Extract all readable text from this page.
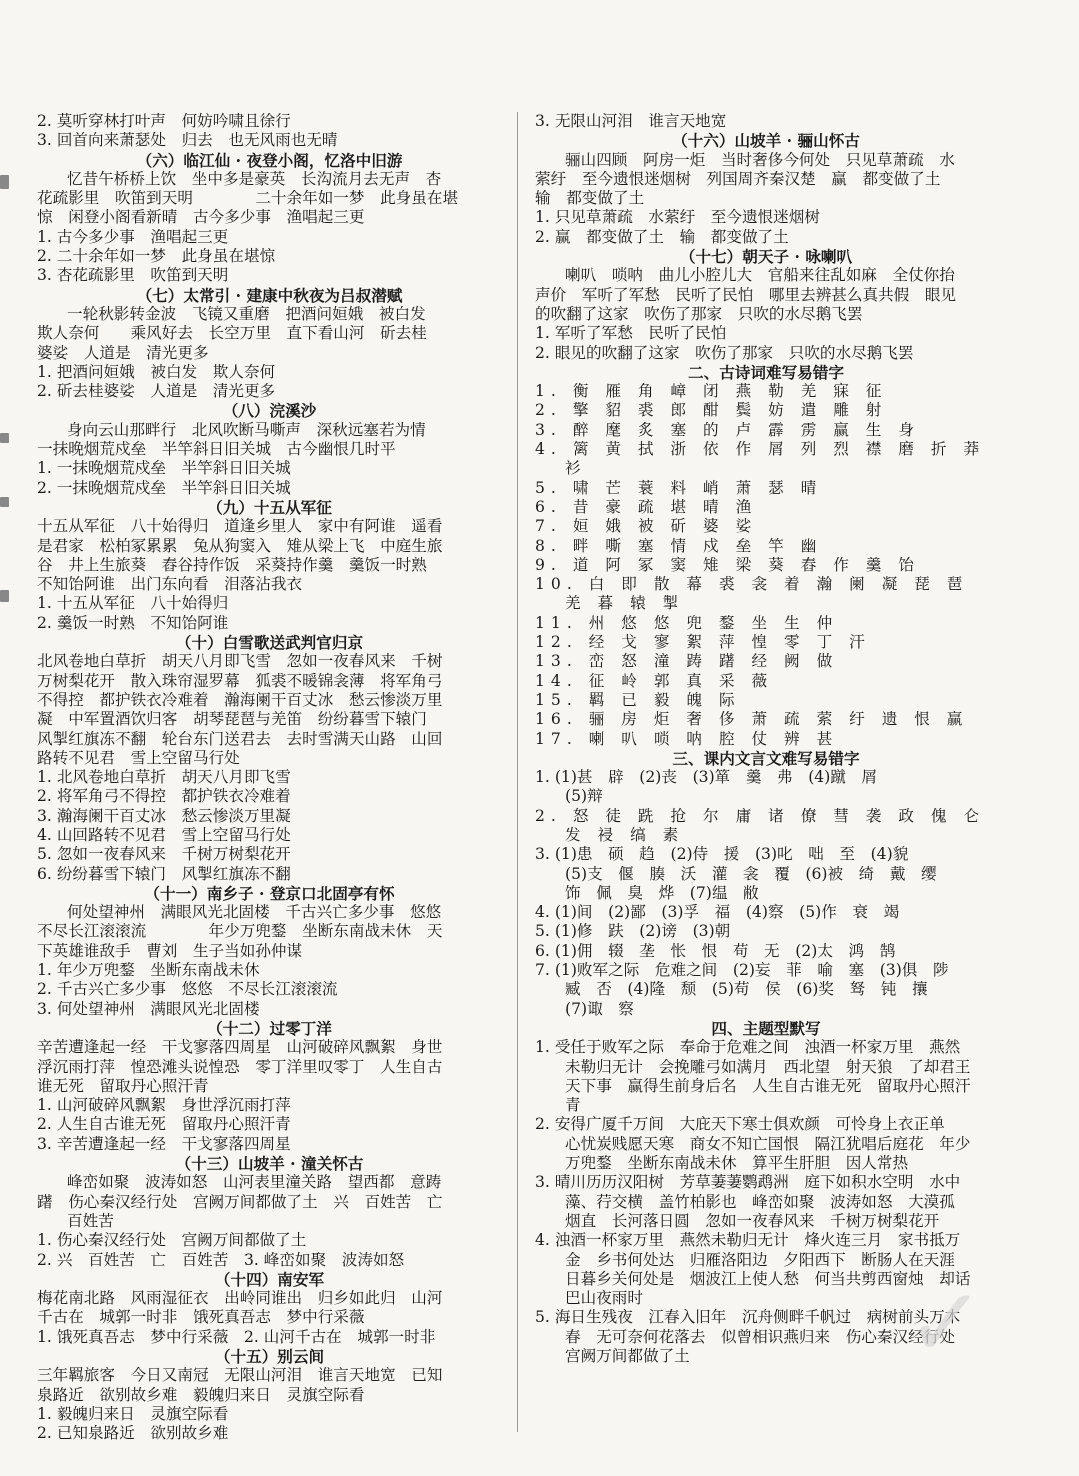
2. 莫听穿林打叶声　何妨吟啸且徐行
3. 回首向来萧瑟处　归去　也无风雨也无晴
（六）临江仙 · 夜登小阁，忆洛中旧游
忆昔午桥桥上饮　坐中多是豪英　长沟流月去无声　杏
花疏影里　吹笛到天明　　　　二十余年如一梦　此身虽在堪
惊　闲登小阁看新晴　古今多少事　渔唱起三更
1. 古今多少事　渔唱起三更
2. 二十余年如一梦　此身虽在堪惊
3. 杏花疏影里　吹笛到天明
（七）太常引 · 建康中秋夜为吕叔潜赋
一轮秋影转金波　飞镜又重磨　把酒问姮娥　被白发
欺人奈何　　乘风好去　长空万里　直下看山河　斫去桂
婆娑　人道是　清光更多
1. 把酒问姮娥　被白发　欺人奈何
2. 斫去桂婆娑　人道是　清光更多
（八）浣溪沙
身向云山那畔行　北风吹断马嘶声　深秋远塞若为情
一抹晚烟荒戍垒　半竿斜日旧关城　古今幽恨几时平
1. 一抹晚烟荒戍垒　半竿斜日旧关城
2. 一抹晚烟荒戍垒　半竿斜日旧关城
（九）十五从军征
十五从军征　八十始得归　道逢乡里人　家中有阿谁　遥看
是君家　松柏冢累累　兔从狗窦入　雉从梁上飞　中庭生旅
谷　井上生旅葵　舂谷持作饭　采葵持作羹　羹饭一时熟
不知饴阿谁　出门东向看　泪落沾我衣
1. 十五从军征　八十始得归
2. 羹饭一时熟　不知饴阿谁
（十）白雪歌送武判官归京
北风卷地白草折　胡天八月即飞雪　忽如一夜春风来　千树
万树梨花开　散入珠帘湿罗幕　狐裘不暖锦衾薄　将军角弓
不得控　都护铁衣冷难着　瀚海阑干百丈冰　愁云惨淡万里
凝　中军置酒饮归客　胡琴琵琶与羌笛　纷纷暮雪下辕门
风掣红旗冻不翻　轮台东门送君去　去时雪满天山路　山回
路转不见君　雪上空留马行处
1. 北风卷地白草折　胡天八月即飞雪
2. 将军角弓不得控　都护铁衣冷难着
3. 瀚海阑干百丈冰　愁云惨淡万里凝
4. 山回路转不见君　雪上空留马行处
5. 忽如一夜春风来　千树万树梨花开
6. 纷纷暮雪下辕门　风掣红旗冻不翻
（十一）南乡子 · 登京口北固亭有怀
何处望神州　满眼风光北固楼　千古兴亡多少事　悠悠
不尽长江滚滚流　　　　年少万兜鍪　坐断东南战未休　天
下英雄谁敌手　曹刘　生子当如孙仲谋
1. 年少万兜鍪　坐断东南战未休
2. 千古兴亡多少事　悠悠　不尽长江滚滚流
3. 何处望神州　满眼风光北固楼
（十二）过零丁洋
辛苦遭逢起一经　干戈寥落四周星　山河破碎风飘絮　身世
浮沉雨打萍　惶恐滩头说惶恐　零丁洋里叹零丁　人生自古
谁无死　留取丹心照汗青
1. 山河破碎风飘絮　身世浮沉雨打萍
2. 人生自古谁无死　留取丹心照汗青
3. 辛苦遭逢起一经　干戈寥落四周星
（十三）山坡羊 · 潼关怀古
峰峦如聚　波涛如怒　山河表里潼关路　望西都　意踌
躇　伤心秦汉经行处　宫阙万间都做了土　兴　百姓苦　亡
百姓苦
1. 伤心秦汉经行处　宫阙万间都做了土
2. 兴　百姓苦　亡　百姓苦　3. 峰峦如聚　波涛如怒
（十四）南安军
梅花南北路　风雨湿征衣　出岭同谁出　归乡如此归　山河
千古在　城郭一时非　饿死真吾志　梦中行采薇
1. 饿死真吾志　梦中行采薇　2. 山河千古在　城郭一时非
（十五）别云间
三年羁旅客　今日又南冠　无限山河泪　谁言天地宽　已知
泉路近　欲别故乡难　毅魄归来日　灵旗空际看
1. 毅魄归来日　灵旗空际看
2. 已知泉路近　欲别故乡难
3. 无限山河泪　谁言天地宽
（十六）山坡羊 · 骊山怀古
骊山四顾　阿房一炬　当时奢侈今何处　只见草萧疏　水
萦纡　至今遗恨迷烟树　列国周齐秦汉楚　赢　都变做了土
输　都变做了土
1. 只见草萧疏　水萦纡　至今遗恨迷烟树
2. 赢　都变做了土　输　都变做了土
（十七）朝天子 · 咏喇叭
喇叭　唢呐　曲儿小腔儿大　官船来往乱如麻　全仗你抬
声价　军听了军愁　民听了民怕　哪里去辨甚么真共假　眼见
的吹翻了这家　吹伤了那家　只吹的水尽鹅飞罢
1. 军听了军愁　民听了民怕
2. 眼见的吹翻了这家　吹伤了那家　只吹的水尽鹅飞罢
二、古诗词难写易错字
1. 衡 雁 角 嶂 闭 燕 勒 羌 寐 征
2. 擎 貂 裘 郎 酣 鬓 妨 遣 雕 射
3. 醉 麾 炙 塞 的 卢 霹 雳 赢 生 身
4. 篱 黄 拭 浙 依 作 屑 列 烈 襟 磨 折 莽
衫
5. 啸 芒 蓑 料 峭 萧 瑟 晴
6. 昔 豪 疏 堪 晴 渔
7. 姮 娥 被 斫 婆 娑
8. 畔 嘶 塞 情 戍 垒 竿 幽
9. 道 阿 冢 窦 雉 梁 葵 舂 作 羹 饴
10. 白 即 散 幕 裘 衾 着 瀚 阑 凝 琵 琶
羌 暮 辕 掣
11. 州 悠 悠 兜 鍪 坐 生 仲
12. 经 戈 寥 絮 萍 惶 零 丁 汗
13. 峦 怒 潼 踌 躇 经 阙 做
14. 征 岭 郭 真 采 薇
15. 羁 已 毅 魄 际
16. 骊 房 炬 奢 侈 萧 疏 萦 纡 遗 恨 赢
17. 喇 叭 唢 呐 腔 仗 辨 甚
三、课内文言文难写易错字
1. (1)甚　辟　(2)丧　(3)箪　羹　弗　(4)蹴　屑
(5)辩
2. 怒 徒 跣 抢 尔 庸 诸 僚 彗 袭 政 傀 仑
发 祲 缟 素
3. (1)患　硕　趋　(2)侍　援　(3)叱　咄　至　(4)貌
(5)支　偃　腠　沃　灌　衾　覆　(6)被　绮　戴　缨
饰　佩　臭　烨　(7)缊　敝
4. (1)间　(2)鄙　(3)孚　福　(4)察　(5)作　衰　竭
5. (1)修　趺　(2)谤　(3)朝
6. (1)佣　辍　垄　怅　恨　苟　无　(2)太　鸿　鹄
7. (1)败军之际　危难之间　(2)妄　菲　喻　塞　(3)俱　陟
臧　否　(4)隆　颓　(5)苟　侯　(6)奖　驽　钝　攘
(7)诹　察
四、主题型默写
1. 受任于败军之际　奉命于危难之间　浊酒一杯家万里　燕然
未勒归无计　会挽雕弓如满月　西北望　射天狼　了却君王
天下事　赢得生前身后名　人生自古谁无死　留取丹心照汗
青
2. 安得广厦千万间　大庇天下寒士俱欢颜　可怜身上衣正单
心忧炭贱愿天寒　商女不知亡国恨　隔江犹唱后庭花　年少
万兜鍪　坐断东南战未休　算平生肝胆　因人常热
3. 晴川历历汉阳树　芳草萋萋鹦鹉洲　庭下如积水空明　水中
藻、荇交横　盖竹柏影也　峰峦如聚　波涛如怒　大漠孤
烟直　长河落日圆　忽如一夜春风来　千树万树梨花开
4. 浊酒一杯家万里　燕然未勒归无计　烽火连三月　家书抵万
金　乡书何处达　归雁洛阳边　夕阳西下　断肠人在天涯
日暮乡关何处是　烟波江上使人愁　何当共剪西窗烛　却话
巴山夜雨时
5. 海日生残夜　江春入旧年　沉舟侧畔千帆过　病树前头万木
春　无可奈何花落去　似曾相识燕归来　伤心秦汉经行处
宫阙万间都做了土	✓
